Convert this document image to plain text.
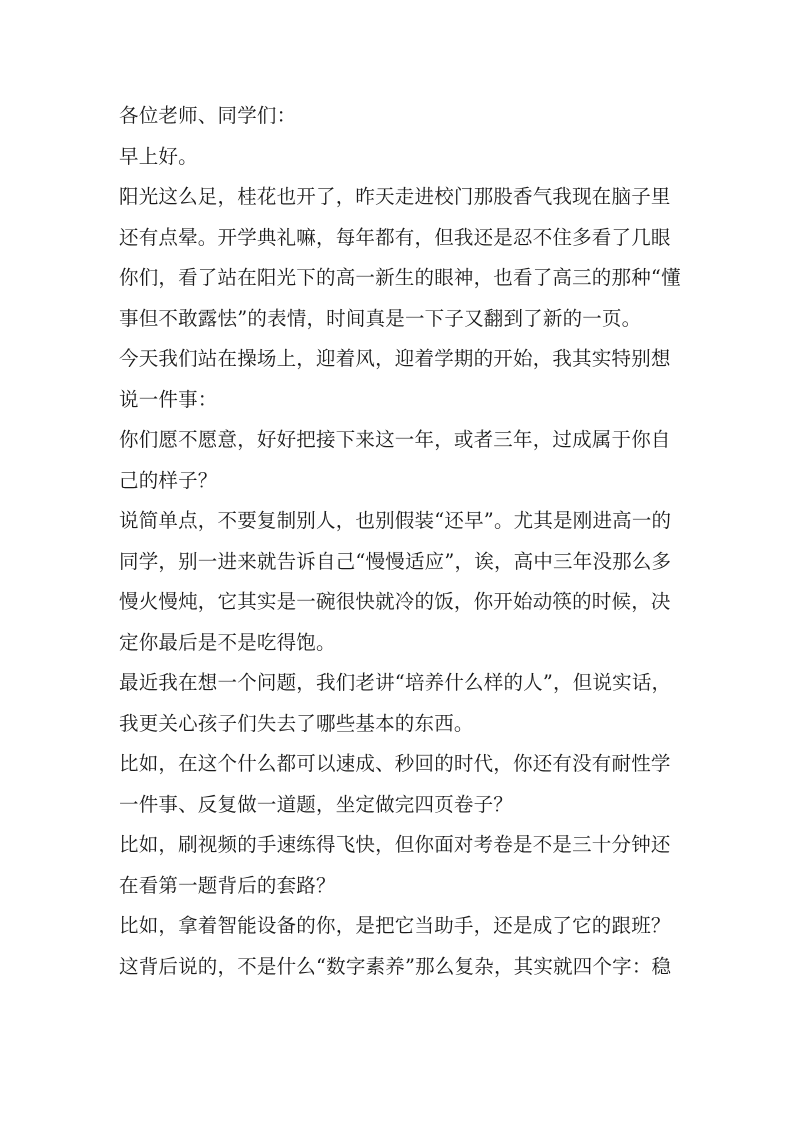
各位老师、同学们：
早上好。
阳光这么足，桂花也开了，昨天走进校门那股香气我现在脑子里
还有点晕。开学典礼嘛，每年都有，但我还是忍不住多看了几眼
你们，看了站在阳光下的高一新生的眼神，也看了高三的那种“懂
事但不敢露怯”的表情，时间真是一下子又翻到了新的一页。
今天我们站在操场上，迎着风，迎着学期的开始，我其实特别想
说一件事：
你们愿不愿意，好好把接下来这一年，或者三年，过成属于你自
己的样子？
说简单点，不要复制别人，也别假装“还早”。尤其是刚进高一的
同学，别一进来就告诉自己“慢慢适应”，诶，高中三年没那么多
慢火慢炖，它其实是一碗很快就冷的饭，你开始动筷的时候，决
定你最后是不是吃得饱。
最近我在想一个问题，我们老讲“培养什么样的人”，但说实话，
我更关心孩子们失去了哪些基本的东西。
比如，在这个什么都可以速成、秒回的时代，你还有没有耐性学
一件事、反复做一道题，坐定做完四页卷子？
比如，刷视频的手速练得飞快，但你面对考卷是不是三十分钟还
在看第一题背后的套路？
比如，拿着智能设备的你，是把它当助手，还是成了它的跟班？
这背后说的，不是什么“数字素养”那么复杂，其实就四个字：稳
